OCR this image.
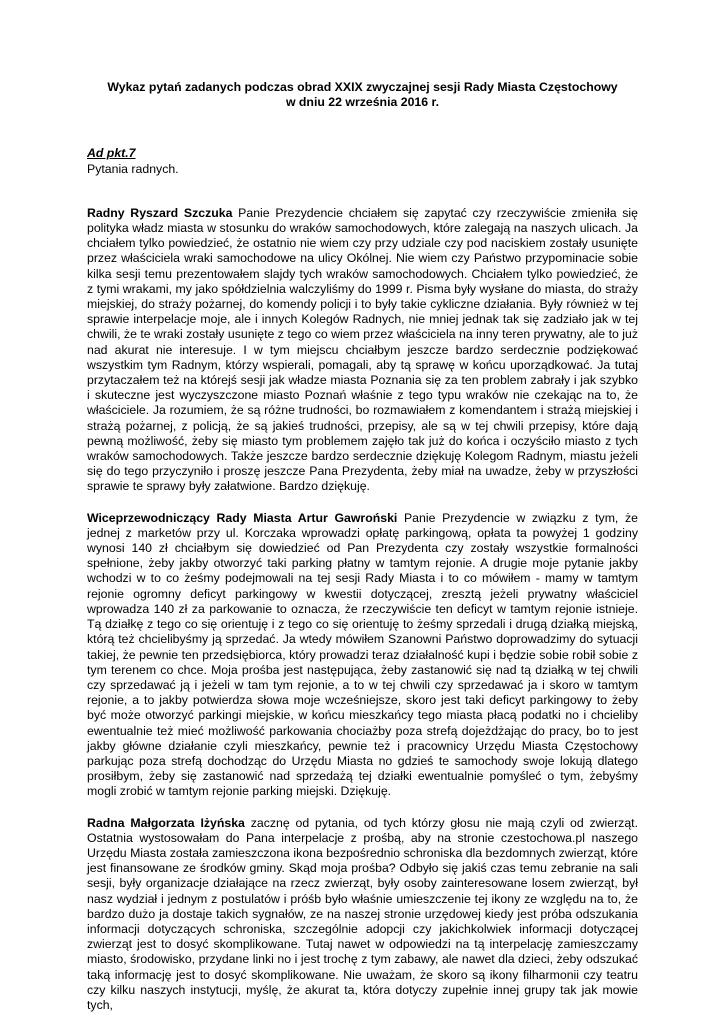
Wykaz pytań zadanych podczas obrad XXIX zwyczajnej sesji Rady Miasta Częstochowy
w dniu 22 września 2016 r.
Ad pkt.7
Pytania radnych.

Radny Ryszard Szczuka Panie Prezydencie chciałem się zapytać czy rzeczywiście zmieniła się polityka władz miasta w stosunku do wraków samochodowych, które zalegają na naszych ulicach. Ja chciałem tylko powiedzieć, że ostatnio nie wiem czy przy udziale czy pod naciskiem zostały usunięte przez właściciela wraki samochodowe na ulicy Okólnej. Nie wiem czy Państwo przypominacie sobie kilka sesji temu prezentowałem slajdy tych wraków samochodowych. Chciałem tylko powiedzieć, że z tymi wrakami, my jako spółdzielnia walczyliśmy do 1999 r. Pisma były wysłane do miasta, do straży miejskiej, do straży pożarnej, do komendy policji i to były takie cykliczne działania. Były również w tej sprawie interpelacje moje, ale i innych Kolegów Radnych, nie mniej jednak tak się zadziało jak w tej chwili, że te wraki zostały usunięte z tego co wiem przez właściciela na inny teren prywatny, ale to już nad akurat nie interesuje. I w tym miejscu chciałbym jeszcze bardzo serdecznie podziękować wszystkim tym Radnym, którzy wspierali, pomagali, aby tą sprawę w końcu uporządkować. Ja tutaj przytaczałem też na którejś sesji jak władze miasta Poznania się za ten problem zabrały i jak szybko i skuteczne jest wyczyszczone miasto Poznań właśnie z tego typu wraków nie czekając na to, że właściciele. Ja rozumiem, że są różne trudności, bo rozmawiałem z komendantem i strażą miejskiej i strażą pożarnej, z policją, że są jakieś trudności, przepisy, ale są w tej chwili przepisy, które dają pewną możliwość, żeby się miasto tym problemem zajęło tak już do końca i oczyściło miasto z tych wraków samochodowych. Także jeszcze bardzo serdecznie dziękuję Kolegom Radnym, miastu jeżeli się do tego przyczyniło i proszę jeszcze Pana Prezydenta, żeby miał na uwadze, żeby w przyszłości sprawie te sprawy były załatwione. Bardzo dziękuję.

Wiceprzewodniczący Rady Miasta Artur Gawroński Panie Prezydencie w związku z tym, że jednej z marketów przy ul. Korczaka wprowadzi opłatę parkingową, opłata ta powyżej 1 godziny wynosi 140 zł chciałbym się dowiedzieć od Pan Prezydenta czy zostały wszystkie formalności spełnione, żeby jakby otworzyć taki parking płatny w tamtym rejonie. A drugie moje pytanie jakby wchodzi w to co żeśmy podejmowali na tej sesji Rady Miasta i to co mówiłem - mamy w tamtym rejonie ogromny deficyt parkingowy w kwestii dotyczącej, zresztą jeżeli prywatny właściciel wprowadza 140 zł za parkowanie to oznacza, że rzeczywiście ten deficyt w tamtym rejonie istnieje. Tą działkę z tego co się orientuję i z tego co się orientuję to żeśmy sprzedali i drugą działką miejską, którą też chcielibyśmy ją sprzedać. Ja wtedy mówiłem Szanowni Państwo doprowadzimy do sytuacji takiej, że pewnie ten przedsiębiorca, który prowadzi teraz działalność kupi i będzie sobie robił sobie z tym terenem co chce. Moja prośba jest następująca, żeby zastanowić się nad tą działką w tej chwili czy sprzedawać ją i jeżeli w tam tym rejonie, a to w tej chwili czy sprzedawać ja i skoro w tamtym rejonie, a to jakby potwierdza słowa moje wcześniejsze, skoro jest taki deficyt parkingowy to żeby być może otworzyć parkingi miejskie, w końcu mieszkańcy tego miasta płacą podatki no i chcieliby ewentualnie też mieć możliwość parkowania chociażby poza strefą dojeżdżając do pracy, bo to jest jakby główne działanie czyli mieszkańcy, pewnie też i pracownicy Urzędu Miasta Częstochowy parkując poza strefą dochodząc do Urzędu Miasta no gdzieś te samochody swoje lokują dlatego prosiłbym, żeby się zastanowić nad sprzedażą tej działki ewentualnie pomyśleć o tym, żebyśmy mogli zrobić w tamtym rejonie parking miejski. Dziękuję.

Radna Małgorzata Iżyńska zacznę od pytania, od tych którzy głosu nie mają czyli od zwierząt. Ostatnia wystosowałam do Pana interpelacje z prośbą, aby na stronie czestochowa.pl naszego Urzędu Miasta została zamieszczona ikona bezpośrednio schroniska dla bezdomnych zwierząt, które jest finansowane ze środków gminy. Skąd moja prośba? Odbyło się jakiś czas temu zebranie na sali sesji, były organizacje działające na rzecz zwierząt, były osoby zainteresowane losem zwierząt, był nasz wydział i jednym z postulatów i próśb było właśnie umieszczenie tej ikony ze względu na to, że bardzo dużo ja dostaje takich sygnałów, ze na naszej stronie urzędowej kiedy jest próba odszukania informacji dotyczących schroniska, szczególnie adopcji czy jakichkolwiek informacji dotyczącej zwierząt jest to dosyć skomplikowane. Tutaj nawet w odpowiedzi na tą interpelację zamieszczamy miasto, środowisko, przydane linki no i jest trochę z tym zabawy, ale nawet dla dzieci, żeby odszukać taką informację jest to dosyć skomplikowane. Nie uważam, że skoro są ikony filharmonii czy teatru czy kilku naszych instytucji, myślę, że akurat ta, która dotyczy zupełnie innej grupy tak jak mowie tych,
